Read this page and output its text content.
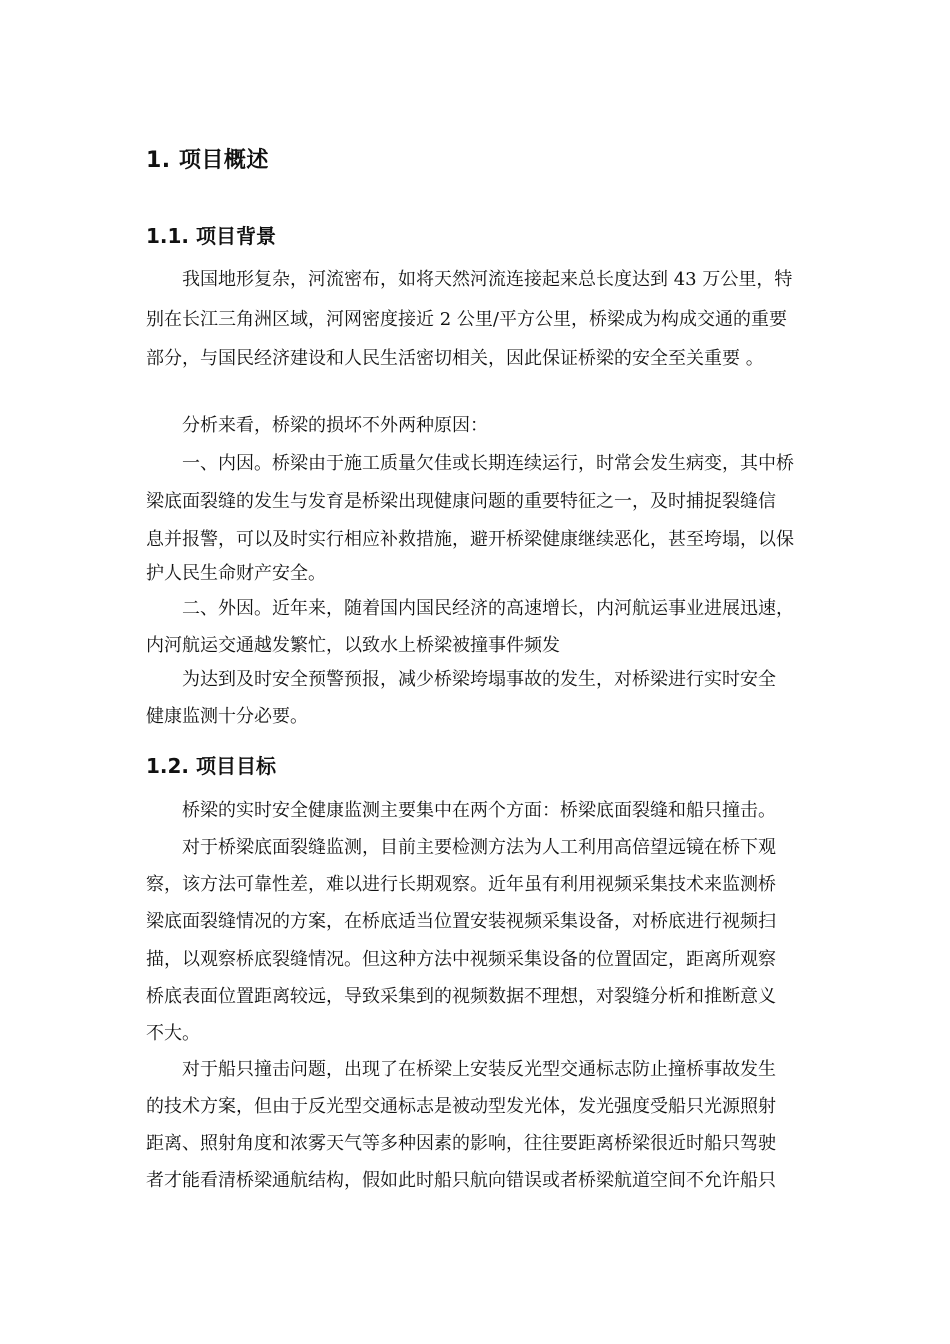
1. 项目概述
1.1. 项目背景
我国地形复杂，河流密布，如将天然河流连接起来总长度达到 43 万公里，特
别在长江三角洲区域，河网密度接近 2 公里/平方公里，桥梁成为构成交通的重要
部分，与国民经济建设和人民生活密切相关，因此保证桥梁的安全至关重要 。
分析来看，桥梁的损坏不外两种原因：
一、内因。桥梁由于施工质量欠佳或长期连续运行，时常会发生病变，其中桥
梁底面裂缝的发生与发育是桥梁出现健康问题的重要特征之一，及时捕捉裂缝信
息并报警，可以及时实行相应补救措施，避开桥梁健康继续恶化，甚至垮塌，以保
护人民生命财产安全。
二、外因。近年来，随着国内国民经济的高速增长，内河航运事业进展迅速，
内河航运交通越发繁忙，以致水上桥梁被撞事件频发
为达到及时安全预警预报，减少桥梁垮塌事故的发生，对桥梁进行实时安全
健康监测十分必要。
1.2. 项目目标
桥梁的实时安全健康监测主要集中在两个方面：桥梁底面裂缝和船只撞击。
对于桥梁底面裂缝监测，目前主要检测方法为人工利用高倍望远镜在桥下观
察，该方法可靠性差，难以进行长期观察。近年虽有利用视频采集技术来监测桥
梁底面裂缝情况的方案，在桥底适当位置安装视频采集设备，对桥底进行视频扫
描，以观察桥底裂缝情况。但这种方法中视频采集设备的位置固定，距离所观察
桥底表面位置距离较远，导致采集到的视频数据不理想，对裂缝分析和推断意义
不大。
对于船只撞击问题，出现了在桥梁上安装反光型交通标志防止撞桥事故发生
的技术方案，但由于反光型交通标志是被动型发光体，发光强度受船只光源照射
距离、照射角度和浓雾天气等多种因素的影响，往往要距离桥梁很近时船只驾驶
者才能看清桥梁通航结构，假如此时船只航向错误或者桥梁航道空间不允许船只
